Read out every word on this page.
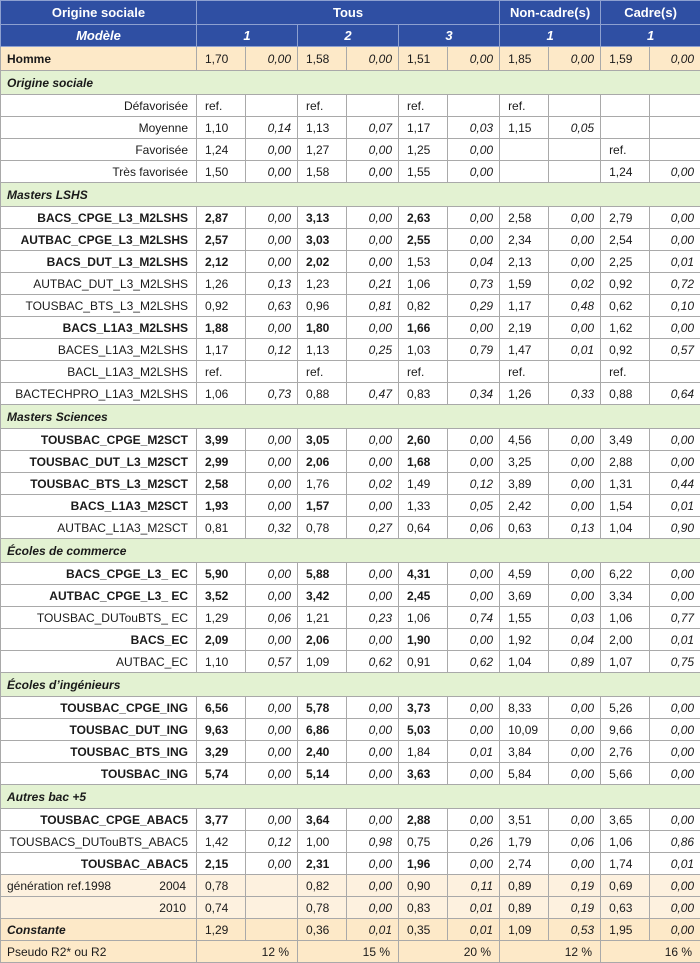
Origine sociale	Tous						Non-cadre(s)		Cadre(s)	
Modèle	1		2		3		1		1	
Homme	1,70	0,00	1,58	0,00	1,51	0,00	1,85	0,00	1,59	0,00
Origine sociale										
Défavorisée	ref.		ref.		ref.		ref.			
Moyenne	1,10	0,14	1,13	0,07	1,17	0,03	1,15	0,05		
Favorisée	1,24	0,00	1,27	0,00	1,25	0,00			ref.	
Très favorisée	1,50	0,00	1,58	0,00	1,55	0,00			1,24	0,00
Masters LSHS										
BACS_CPGE_L3_M2LSHS	2,87	0,00	3,13	0,00	2,63	0,00	2,58	0,00	2,79	0,00
AUTBAC_CPGE_L3_M2LSHS	2,57	0,00	3,03	0,00	2,55	0,00	2,34	0,00	2,54	0,00
BACS_DUT_L3_M2LSHS	2,12	0,00	2,02	0,00	1,53	0,04	2,13	0,00	2,25	0,01
AUTBAC_DUT_L3_M2LSHS	1,26	0,13	1,23	0,21	1,06	0,73	1,59	0,02	0,92	0,72
TOUSBAC_BTS_L3_M2LSHS	0,92	0,63	0,96	0,81	0,82	0,29	1,17	0,48	0,62	0,10
BACS_L1A3_M2LSHS	1,88	0,00	1,80	0,00	1,66	0,00	2,19	0,00	1,62	0,00
BACES_L1A3_M2LSHS	1,17	0,12	1,13	0,25	1,03	0,79	1,47	0,01	0,92	0,57
BACL_L1A3_M2LSHS	ref.		ref.		ref.		ref.		ref.	
BACTECHPRO_L1A3_M2LSHS	1,06	0,73	0,88	0,47	0,83	0,34	1,26	0,33	0,88	0,64
Masters Sciences										
TOUSBAC_CPGE_M2SCT	3,99	0,00	3,05	0,00	2,60	0,00	4,56	0,00	3,49	0,00
TOUSBAC_DUT_L3_M2SCT	2,99	0,00	2,06	0,00	1,68	0,00	3,25	0,00	2,88	0,00
TOUSBAC_BTS_L3_M2SCT	2,58	0,00	1,76	0,02	1,49	0,12	3,89	0,00	1,31	0,44
BACS_L1A3_M2SCT	1,93	0,00	1,57	0,00	1,33	0,05	2,42	0,00	1,54	0,01
AUTBAC_L1A3_M2SCT	0,81	0,32	0,78	0,27	0,64	0,06	0,63	0,13	1,04	0,90
Écoles de commerce										
BACS_CPGE_L3_ EC	5,90	0,00	5,88	0,00	4,31	0,00	4,59	0,00	6,22	0,00
AUTBAC_CPGE_L3_ EC	3,52	0,00	3,42	0,00	2,45	0,00	3,69	0,00	3,34	0,00
TOUSBAC_DUTouBTS_ EC	1,29	0,06	1,21	0,23	1,06	0,74	1,55	0,03	1,06	0,77
BACS_EC	2,09	0,00	2,06	0,00	1,90	0,00	1,92	0,04	2,00	0,01
AUTBAC_EC	1,10	0,57	1,09	0,62	0,91	0,62	1,04	0,89	1,07	0,75
Écoles d’ingénieurs										
TOUSBAC_CPGE_ING	6,56	0,00	5,78	0,00	3,73	0,00	8,33	0,00	5,26	0,00
TOUSBAC_DUT_ING	9,63	0,00	6,86	0,00	5,03	0,00	10,09	0,00	9,66	0,00
TOUSBAC_BTS_ING	3,29	0,00	2,40	0,00	1,84	0,01	3,84	0,00	2,76	0,00
TOUSBAC_ING	5,74	0,00	5,14	0,00	3,63	0,00	5,84	0,00	5,66	0,00
Autres bac +5										
TOUSBAC_CPGE_ABAC5	3,77	0,00	3,64	0,00	2,88	0,00	3,51	0,00	3,65	0,00
TOUSBACS_DUTouBTS_ABAC5	1,42	0,12	1,00	0,98	0,75	0,26	1,79	0,06	1,06	0,86
TOUSBAC_ABAC5	2,15	0,00	2,31	0,00	1,96	0,00	2,74	0,00	1,74	0,01
génération ref.1998 2004	0,78		0,82	0,00	0,90	0,11	0,89	0,19	0,69	0,00

2010	0,74		0,78	0,00	0,83	0,01	0,89	0,19	0,63	0,00
Constante	1,29		0,36	0,01	0,35	0,01	1,09	0,53	1,95	0,00
Pseudo R2* ou R2	12 %		15 %		20 %		12 %		16 %	
